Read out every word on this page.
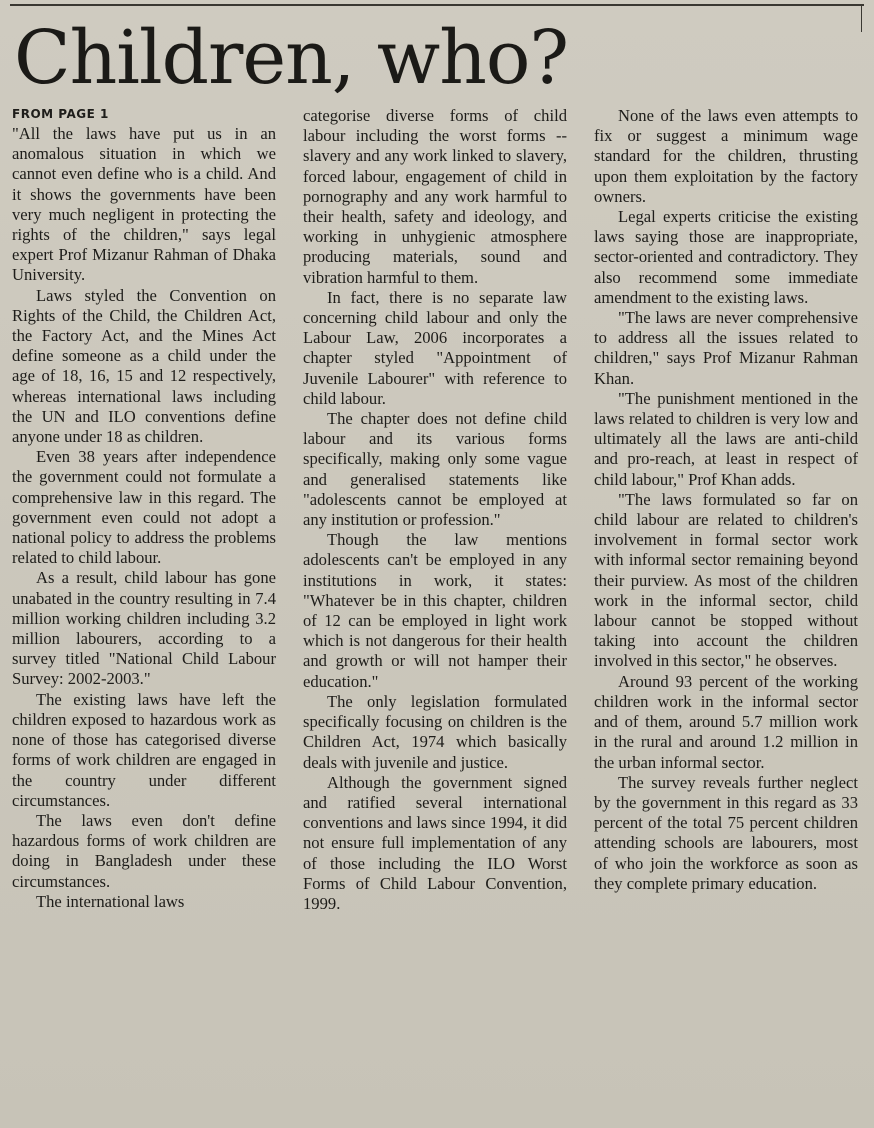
Children, who?
FROM PAGE 1

"All the laws have put us in an anomalous situation in which we cannot even define who is a child. And it shows the governments have been very much negligent in protecting the rights of the children," says legal expert Prof Mizanur Rahman of Dhaka University.

Laws styled the Convention on Rights of the Child, the Children Act, the Factory Act, and the Mines Act define someone as a child under the age of 18, 16, 15 and 12 respectively, whereas international laws including the UN and ILO conventions define anyone under 18 as children.

Even 38 years after independence the government could not formulate a comprehensive law in this regard. The government even could not adopt a national policy to address the problems related to child labour.

As a result, child labour has gone unabated in the country resulting in 7.4 million working children including 3.2 million labourers, according to a survey titled "National Child Labour Survey: 2002-2003."

The existing laws have left the children exposed to hazardous work as none of those has categorised diverse forms of work children are engaged in the country under different circumstances.

The laws even don't define hazardous forms of work children are doing in Bangladesh under these circumstances.

The international laws

categorise diverse forms of child labour including the worst forms -- slavery and any work linked to slavery, forced labour, engagement of child in pornography and any work harmful to their health, safety and ideology, and working in unhygienic atmosphere producing materials, sound and vibration harmful to them.

In fact, there is no separate law concerning child labour and only the Labour Law, 2006 incorporates a chapter styled "Appointment of Juvenile Labourer" with reference to child labour.

The chapter does not define child labour and its various forms specifically, making only some vague and generalised statements like "adolescents cannot be employed at any institution or profession."

Though the law mentions adolescents can't be employed in any institutions in work, it states: "Whatever be in this chapter, children of 12 can be employed in light work which is not dangerous for their health and growth or will not hamper their education."

The only legislation formulated specifically focusing on children is the Children Act, 1974 which basically deals with juvenile and justice.

Although the government signed and ratified several international conventions and laws since 1994, it did not ensure full implementation of any of those including the ILO Worst Forms of Child Labour Convention, 1999.

None of the laws even attempts to fix or suggest a minimum wage standard for the children, thrusting upon them exploitation by the factory owners.

Legal experts criticise the existing laws saying those are inappropriate, sector-oriented and contradictory. They also recommend some immediate amendment to the existing laws.

"The laws are never comprehensive to address all the issues related to children," says Prof Mizanur Rahman Khan.

"The punishment mentioned in the laws related to children is very low and ultimately all the laws are anti-child and pro-reach, at least in respect of child labour," Prof Khan adds.

"The laws formulated so far on child labour are related to children's involvement in formal sector work with informal sector remaining beyond their purview. As most of the children work in the informal sector, child labour cannot be stopped without taking into account the children involved in this sector," he observes.

Around 93 percent of the working children work in the informal sector and of them, around 5.7 million work in the rural and around 1.2 million in the urban informal sector.

The survey reveals further neglect by the government in this regard as 33 percent of the total 75 percent children attending schools are labourers, most of who join the workforce as soon as they complete primary education.
